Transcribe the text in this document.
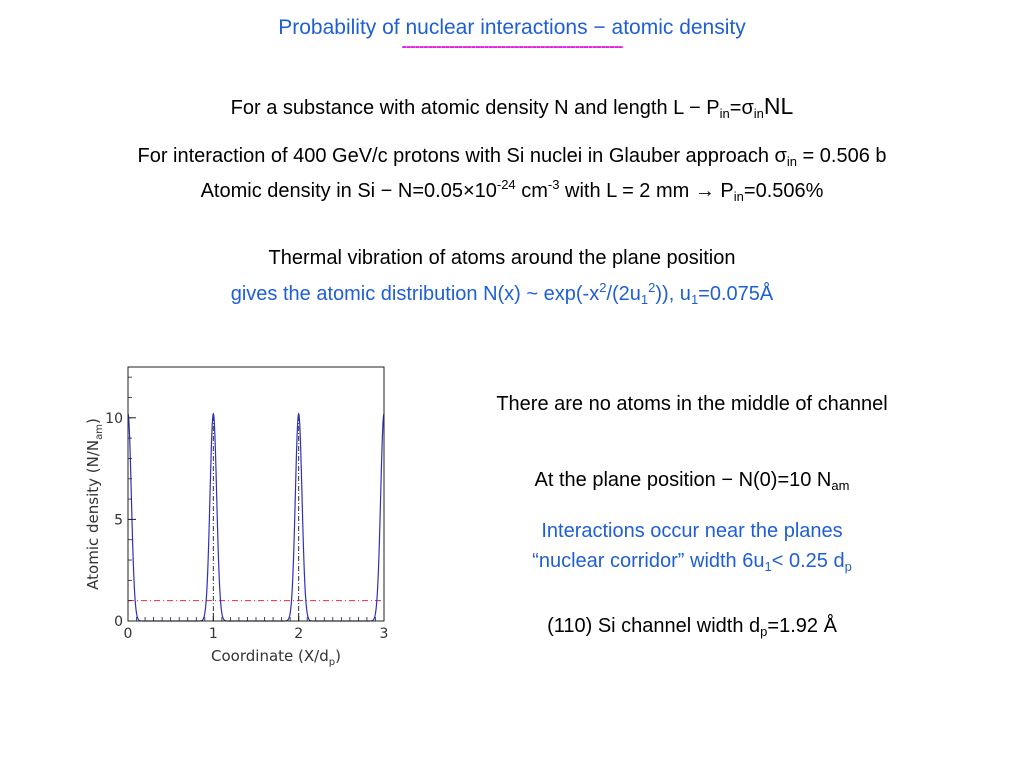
Probability of nuclear interactions − atomic density
---------------------------------------------------
For a substance with atomic density N and length $L - P_{in}=\sigma_{in}NL$
For interaction of 400 GeV/c protons with Si nuclei in Glauber approach $\sigma_{in} = 0.506$ b
Atomic density in $Si - N=0.05\times 10^{-24}$ $cm^{-3}$ with L = 2 mm → $P_{in}=0.506\%$
Thermal vibration of atoms around the plane position
gives the atomic distribution N(x) ~ $\exp(-x^2/(2u_1^2))$, $u_1=0.075Å$
0	1	2	3
0
5
10
Coordinate $(X/d_p)$
Atomic density $(N/N_{am})$
There are no atoms in the middle of channel
At the plane position − N(0)=10 $N_{am}$
Interactions occur near the planes
“nuclear corridor” width $6u_1< 0.25$ $d_p$
(110) Si channel width $d_p=1.92$ Å
